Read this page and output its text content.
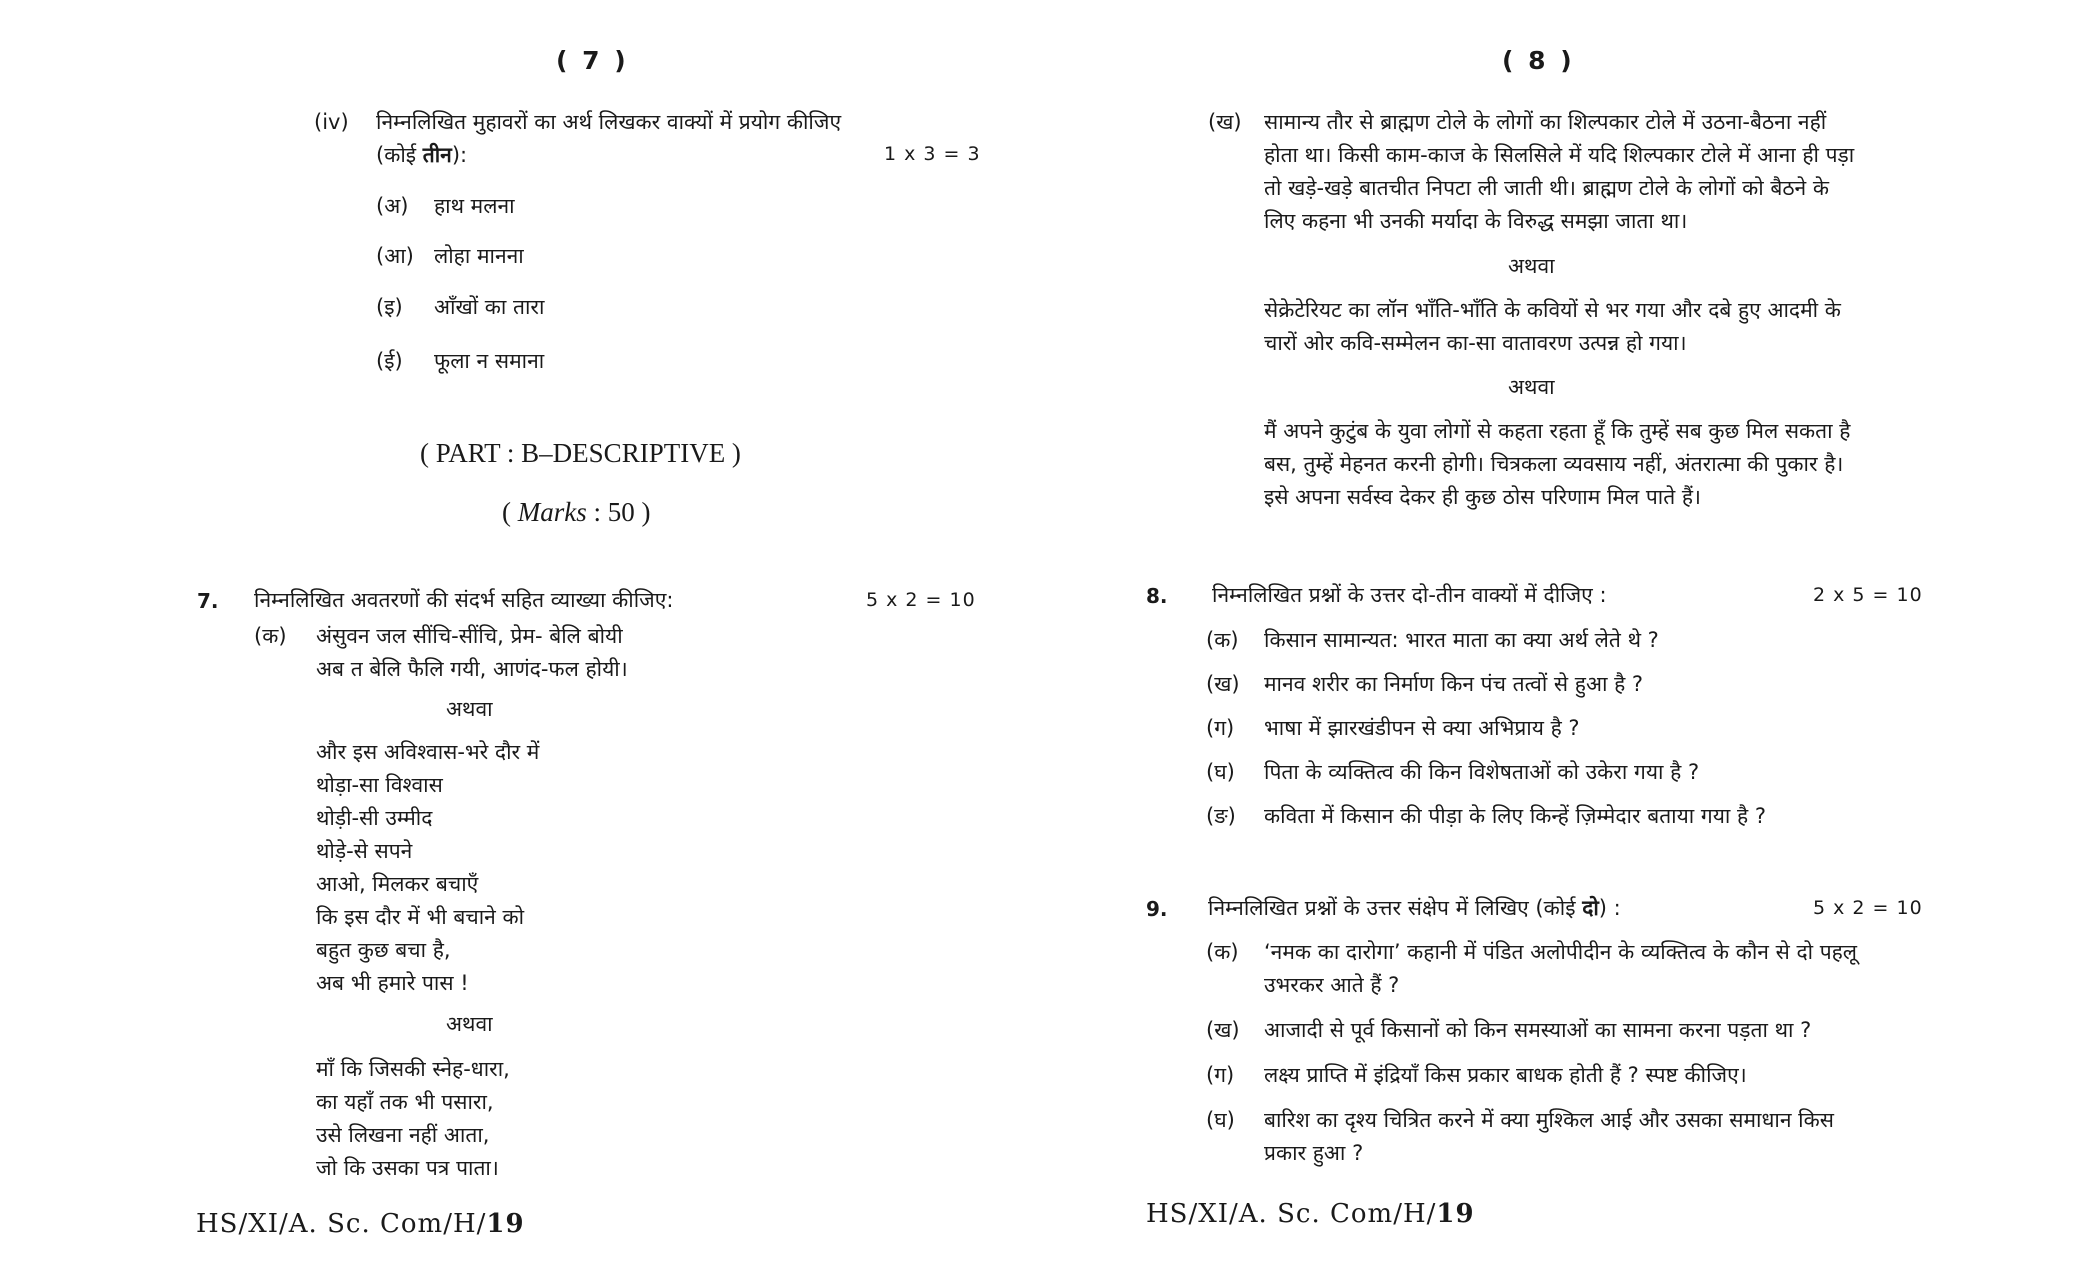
( 7 )
(iv) निम्नलिखित मुहावरों का अर्थ लिखकर वाक्यों में प्रयोग कीजिए
(कोई तीन):	1 x 3 = 3
(अ) हाथ मलना
(आ) लोहा मानना
(इ) आँखों का तारा
(ई) फूला न समाना
( PART : B–DESCRIPTIVE )
( Marks : 50 )
7. निम्नलिखित अवतरणों की संदर्भ सहित व्याख्या कीजिए:	5 x 2 = 10
(क) अंसुवन जल सींचि-सींचि, प्रेम- बेलि बोयी
अब त बेलि फैलि गयी, आणंद-फल होयी।
अथवा
और इस अविश्वास-भरे दौर में
थोड़ा-सा विश्वास
थोड़ी-सी उम्मीद
थोड़े-से सपने
आओ, मिलकर बचाएँ
कि इस दौर में भी बचाने को
बहुत कुछ बचा है,
अब भी हमारे पास !
अथवा
माँ कि जिसकी स्नेह-धारा,
का यहाँ तक भी पसारा,
उसे लिखना नहीं आता,
जो कि उसका पत्र पाता।
HS/XI/A. Sc. Com/H/19
( 8 )
(ख) सामान्य तौर से ब्राह्मण टोले के लोगों का शिल्पकार टोले में उठना-बैठना नहीं
होता था। किसी काम-काज के सिलसिले में यदि शिल्पकार टोले में आना ही पड़ा
तो खड़े-खड़े बातचीत निपटा ली जाती थी। ब्राह्मण टोले के लोगों को बैठने के
लिए कहना भी उनकी मर्यादा के विरुद्ध समझा जाता था।
अथवा
सेक्रेटेरियट का लॉन भाँति-भाँति के कवियों से भर गया और दबे हुए आदमी के
चारों ओर कवि-सम्मेलन का-सा वातावरण उत्पन्न हो गया।
अथवा
मैं अपने कुटुंब के युवा लोगों से कहता रहता हूँ कि तुम्हें सब कुछ मिल सकता है
बस, तुम्हें मेहनत करनी होगी। चित्रकला व्यवसाय नहीं, अंतरात्मा की पुकार है।
इसे अपना सर्वस्व देकर ही कुछ ठोस परिणाम मिल पाते हैं।
8. निम्नलिखित प्रश्नों के उत्तर दो-तीन वाक्यों में दीजिए :	2 x 5 = 10
(क) किसान सामान्यत: भारत माता का क्या अर्थ लेते थे ?
(ख) मानव शरीर का निर्माण किन पंच तत्वों से हुआ है ?
(ग) भाषा में झारखंडीपन से क्या अभिप्राय है ?
(घ) पिता के व्यक्तित्व की किन विशेषताओं को उकेरा गया है ?
(ङ) कविता में किसान की पीड़ा के लिए किन्हें ज़िम्मेदार बताया गया है ?
9. निम्नलिखित प्रश्नों के उत्तर संक्षेप में लिखिए (कोई दो) :	5 x 2 = 10
(क) ‘नमक का दारोगा’ कहानी में पंडित अलोपीदीन के व्यक्तित्व के कौन से दो पहलू
उभरकर आते हैं ?
(ख) आजादी से पूर्व किसानों को किन समस्याओं का सामना करना पड़ता था ?
(ग) लक्ष्य प्राप्ति में इंद्रियाँ किस प्रकार बाधक होती हैं ? स्पष्ट कीजिए।
(घ) बारिश का दृश्य चित्रित करने में क्या मुश्किल आई और उसका समाधान किस
प्रकार हुआ ?
HS/XI/A. Sc. Com/H/19
